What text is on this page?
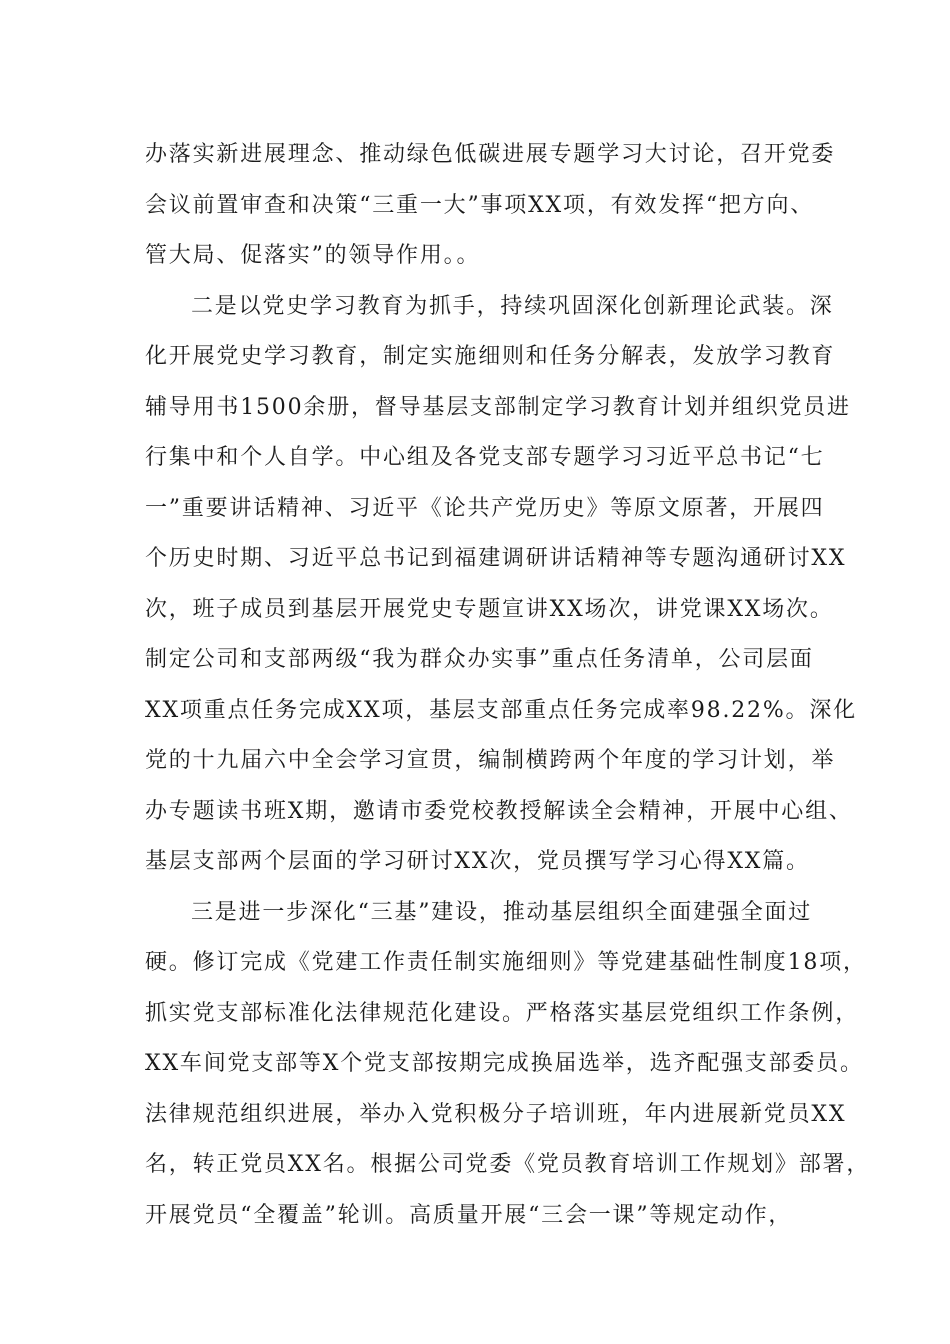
办落实新进展理念、推动绿色低碳进展专题学习大讨论，召开党委
会议前置审查和决策“三重一大”事项XX项，有效发挥“把方向、
管大局、促落实”的领导作用。。
二是以党史学习教育为抓手，持续巩固深化创新理论武装。深
化开展党史学习教育，制定实施细则和任务分解表，发放学习教育
辅导用书1500余册，督导基层支部制定学习教育计划并组织党员进
行集中和个人自学。中心组及各党支部专题学习习近平总书记“七
一”重要讲话精神、习近平《论共产党历史》等原文原著，开展四
个历史时期、习近平总书记到福建调研讲话精神等专题沟通研讨XX
次，班子成员到基层开展党史专题宣讲XX场次，讲党课XX场次。
制定公司和支部两级“我为群众办实事”重点任务清单，公司层面
XX项重点任务完成XX项，基层支部重点任务完成率98.22%。深化
党的十九届六中全会学习宣贯，编制横跨两个年度的学习计划，举
办专题读书班X期，邀请市委党校教授解读全会精神，开展中心组、
基层支部两个层面的学习研讨XX次，党员撰写学习心得XX篇。
三是进一步深化“三基”建设，推动基层组织全面建强全面过
硬。修订完成《党建工作责任制实施细则》等党建基础性制度18项，
抓实党支部标准化法律规范化建设。严格落实基层党组织工作条例，
XX车间党支部等X个党支部按期完成换届选举，选齐配强支部委员。
法律规范组织进展，举办入党积极分子培训班，年内进展新党员XX
名，转正党员XX名。根据公司党委《党员教育培训工作规划》部署，
开展党员“全覆盖”轮训。高质量开展“三会一课”等规定动作，
